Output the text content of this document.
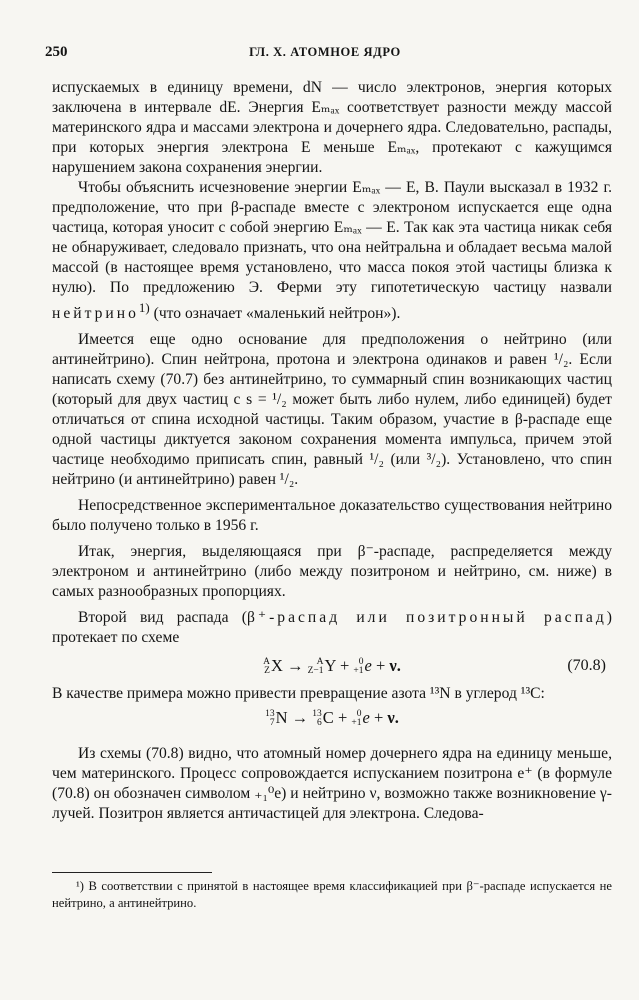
250	ГЛ. X. АТОМНОЕ ЯДРО

испускаемых в единицу времени, dN — число электронов, энергия которых заключена в интервале dE. Энергия Eₘₐₓ соответствует разности между массой материнского ядра и массами электрона и дочернего ядра. Следовательно, распады, при которых энергия электрона E меньше Eₘₐₓ, протекают с кажущимся нарушением закона сохранения энергии.

Чтобы объяснить исчезновение энергии Eₘₐₓ — E, В. Паули высказал в 1932 г. предположение, что при β-распаде вместе с электроном испускается еще одна частица, которая уносит с собой энергию Eₘₐₓ — E. Так как эта частица никак себя не обнаруживает, следовало признать, что она нейтральна и обладает весьма малой массой (в настоящее время установлено, что масса покоя этой частицы близка к нулю). По предложению Э. Ферми эту гипотетическую частицу назвали нейтрино$^{1)}$ (что означает «маленький нейтрон»).

Имеется еще одно основание для предположения о нейтрино (или антинейтрино). Спин нейтрона, протона и электрона одинаков и равен ¹/₂. Если написать схему (70.7) без антинейтрино, то суммарный спин возникающих частиц (который для двух частиц с s = ¹/₂ может быть либо нулем, либо единицей) будет отличаться от спина исходной частицы. Таким образом, участие в β-распаде еще одной частицы диктуется законом сохранения момента импульса, причем этой частице необходимо приписать спин, равный ¹/₂ (или ³/₂). Установлено, что спин нейтрино (и антинейтрино) равен ¹/₂.

Непосредственное экспериментальное доказательство существования нейтрино было получено только в 1956 г.

Итак, энергия, выделяющаяся при β⁻-распаде, распределяется между электроном и антинейтрино (либо между позитроном и нейтрино, см. ниже) в самых разнообразных пропорциях.

Второй вид распада (β⁺-распад или позитронный распад) протекает по схеме

A
Z X →	A
Z−1 Y + 0
+1 e + ν.	(70.8)

В качестве примера можно привести превращение азота ¹³N в углерод ¹³C:

13
7 N → 13
6 C + 0
+1 e + ν.

Из схемы (70.8) видно, что атомный номер дочернего ядра на единицу меньше, чем материнского. Процесс сопровождается испусканием позитрона e⁺ (в формуле (70.8) он обозначен символом ₊₁⁰e) и нейтрино ν, возможно также возникновение γ-лучей. Позитрон является античастицей для электрона. Следова-

¹) В соответствии с принятой в настоящее время классификацией при β⁻-распаде испускается не нейтрино, а антинейтрино.
